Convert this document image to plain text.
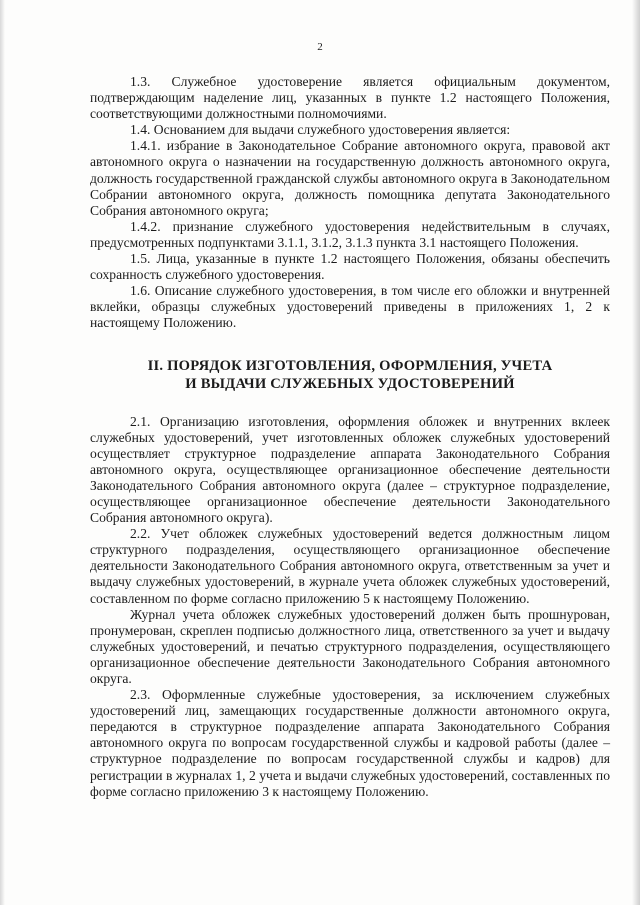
2

1.3. Служебное удостоверение является официальным документом, подтверждающим наделение лиц, указанных в пункте 1.2 настоящего Положения, соответствующими должностными полномочиями.

1.4. Основанием для выдачи служебного удостоверения является:

1.4.1. избрание в Законодательное Собрание автономного округа, правовой акт автономного округа о назначении на государственную должность автономного округа, должность государственной гражданской службы автономного округа в Законодательном Собрании автономного округа, должность помощника депутата Законодательного Собрания автономного округа;

1.4.2. признание служебного удостоверения недействительным в случаях, предусмотренных подпунктами 3.1.1, 3.1.2, 3.1.3 пункта 3.1 настоящего Положения.

1.5. Лица, указанные в пункте 1.2 настоящего Положения, обязаны обеспечить сохранность служебного удостоверения.

1.6. Описание служебного удостоверения, в том числе его обложки и внутренней вклейки, образцы служебных удостоверений приведены в приложениях 1, 2 к настоящему Положению.

II. ПОРЯДОК ИЗГОТОВЛЕНИЯ, ОФОРМЛЕНИЯ, УЧЕТА
И ВЫДАЧИ СЛУЖЕБНЫХ УДОСТОВЕРЕНИЙ

2.1. Организацию изготовления, оформления обложек и внутренних вклеек служебных удостоверений, учет изготовленных обложек служебных удостоверений осуществляет структурное подразделение аппарата Законодательного Собрания автономного округа, осуществляющее организационное обеспечение деятельности Законодательного Собрания автономного округа (далее – структурное подразделение, осуществляющее организационное обеспечение деятельности Законодательного Собрания автономного округа).

2.2. Учет обложек служебных удостоверений ведется должностным лицом структурного подразделения, осуществляющего организационное обеспечение деятельности Законодательного Собрания автономного округа, ответственным за учет и выдачу служебных удостоверений, в журнале учета обложек служебных удостоверений, составленном по форме согласно приложению 5 к настоящему Положению.

Журнал учета обложек служебных удостоверений должен быть прошнурован, пронумерован, скреплен подписью должностного лица, ответственного за учет и выдачу служебных удостоверений, и печатью структурного подразделения, осуществляющего организационное обеспечение деятельности Законодательного Собрания автономного округа.

2.3. Оформленные служебные удостоверения, за исключением служебных удостоверений лиц, замещающих государственные должности автономного округа, передаются в структурное подразделение аппарата Законодательного Собрания автономного округа по вопросам государственной службы и кадровой работы (далее – структурное подразделение по вопросам государственной службы и кадров) для регистрации в журналах 1, 2 учета и выдачи служебных удостоверений, составленных по форме согласно приложению 3 к настоящему Положению.
